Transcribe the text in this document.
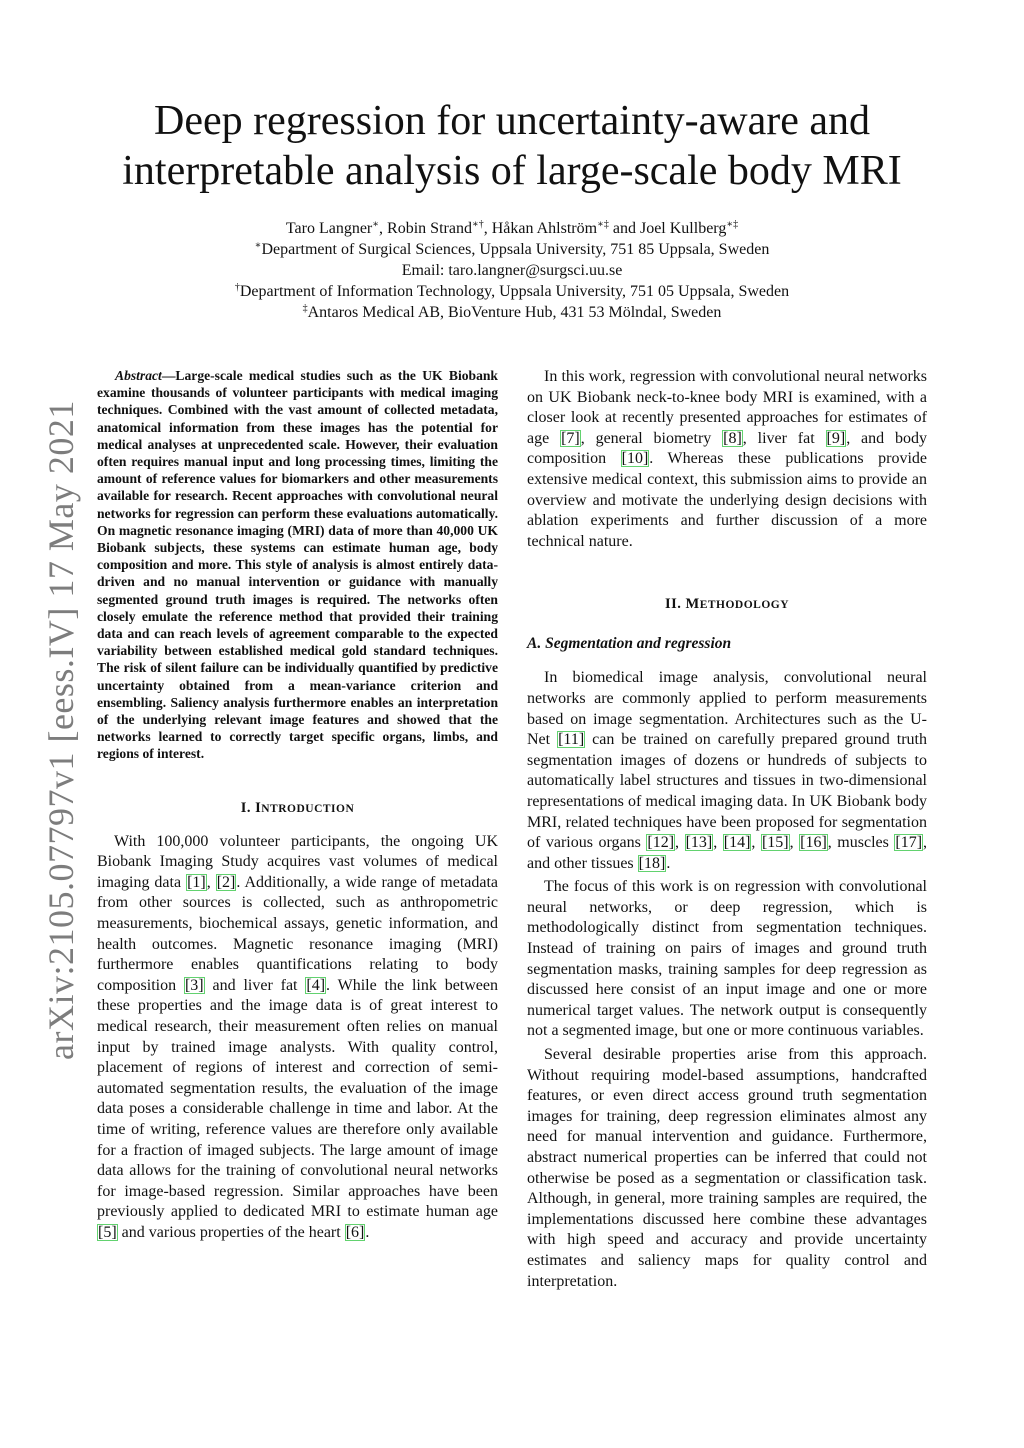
arXiv:2105.07797v1 [eess.IV] 17 May 2021

Deep regression for uncertainty-aware and

interpretable analysis of large-scale body MRI

Taro Langner∗, Robin Strand∗†, Håkan Ahlström∗‡ and Joel Kullberg∗‡
∗Department of Surgical Sciences, Uppsala University, 751 85 Uppsala, Sweden
Email: taro.langner@surgsci.uu.se
†Department of Information Technology, Uppsala University, 751 05 Uppsala, Sweden
‡Antaros Medical AB, BioVenture Hub, 431 53 Mölndal, Sweden

Abstract—Large-scale medical studies such as the UK Biobank examine thousands of volunteer participants with medical imaging techniques. Combined with the vast amount of collected metadata, anatomical information from these images has the potential for medical analyses at unprecedented scale. However, their evaluation often requires manual input and long processing times, limiting the amount of reference values for biomarkers and other measurements available for research. Recent approaches with convolutional neural networks for regression can perform these evaluations automatically. On magnetic resonance imaging (MRI) data of more than 40,000 UK Biobank subjects, these systems can estimate human age, body composition and more. This style of analysis is almost entirely data-driven and no manual intervention or guidance with manually segmented ground truth images is required. The networks often closely emulate the reference method that provided their training data and can reach levels of agreement comparable to the expected variability between established medical gold standard techniques. The risk of silent failure can be individually quantified by predictive uncertainty obtained from a mean-variance criterion and ensembling. Saliency analysis furthermore enables an interpretation of the underlying relevant image features and showed that the networks learned to correctly target specific organs, limbs, and regions of interest.

I. INTRODUCTION

With 100,000 volunteer participants, the ongoing UK Biobank Imaging Study acquires vast volumes of medical imaging data [1], [2]. Additionally, a wide range of metadata from other sources is collected, such as anthropometric measurements, biochemical assays, genetic information, and health outcomes. Magnetic resonance imaging (MRI) furthermore enables quantifications relating to body composition [3] and liver fat [4]. While the link between these properties and the image data is of great interest to medical research, their measurement often relies on manual input by trained image analysts. With quality control, placement of regions of interest and correction of semi-automated segmentation results, the evaluation of the image data poses a considerable challenge in time and labor. At the time of writing, reference values are therefore only available for a fraction of imaged subjects. The large amount of image data allows for the training of convolutional neural networks for image-based regression. Similar approaches have been previously applied to dedicated MRI to estimate human age [5] and various properties of the heart [6].

In this work, regression with convolutional neural networks on UK Biobank neck-to-knee body MRI is examined, with a closer look at recently presented approaches for estimates of age [7], general biometry [8], liver fat [9], and body composition [10]. Whereas these publications provide extensive medical context, this submission aims to provide an overview and motivate the underlying design decisions with ablation experiments and further discussion of a more technical nature.

II. METHODOLOGY
A. Segmentation and regression

In biomedical image analysis, convolutional neural networks are commonly applied to perform measurements based on image segmentation. Architectures such as the U-Net [11] can be trained on carefully prepared ground truth segmentation images of dozens or hundreds of subjects to automatically label structures and tissues in two-dimensional representations of medical imaging data. In UK Biobank body MRI, related techniques have been proposed for segmentation of various organs [12], [13], [14], [15], [16], muscles [17], and other tissues [18].

The focus of this work is on regression with convolutional neural networks, or deep regression, which is methodologically distinct from segmentation techniques. Instead of training on pairs of images and ground truth segmentation masks, training samples for deep regression as discussed here consist of an input image and one or more numerical target values. The network output is consequently not a segmented image, but one or more continuous variables.

Several desirable properties arise from this approach. Without requiring model-based assumptions, handcrafted features, or even direct access ground truth segmentation images for training, deep regression eliminates almost any need for manual intervention and guidance. Furthermore, abstract numerical properties can be inferred that could not otherwise be posed as a segmentation or classification task. Although, in general, more training samples are required, the implementations discussed here combine these advantages with high speed and accuracy and provide uncertainty estimates and saliency maps for quality control and interpretation.
